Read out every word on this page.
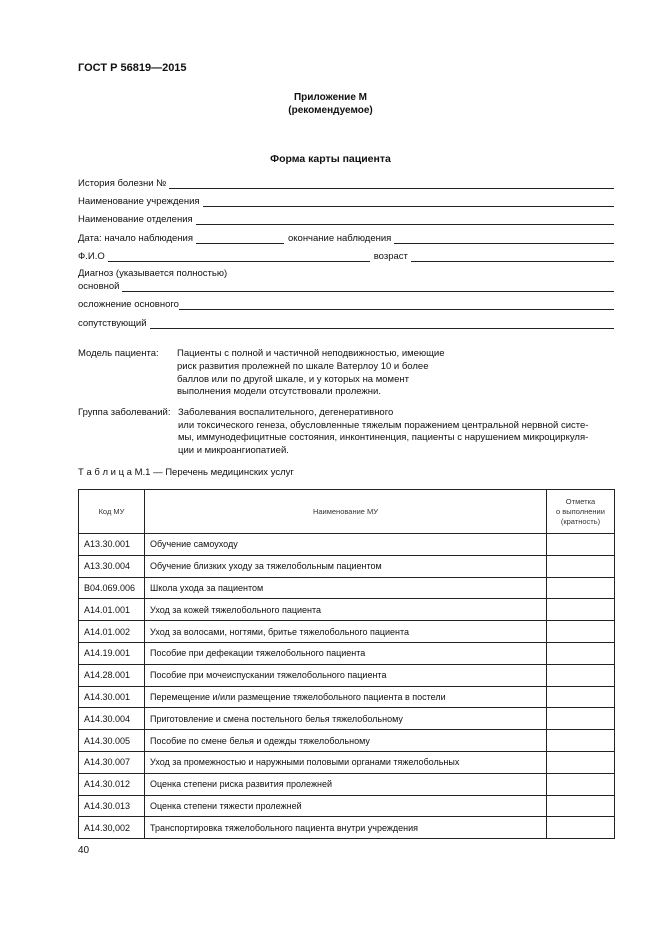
ГОСТ Р 56819—2015
Приложение М
(рекомендуемое)
Форма карты пациента
История болезни №
Наименование учреждения
Наименование отделения
Дата: начало наблюдения	окончание наблюдения
Ф.И.О	возраст
Диагноз (указывается полностью)
основной
осложнение основного
сопутствующий
Модель пациента: Пациенты с полной и частичной неподвижностью, имеющие
риск развития пролежней по шкале Ватерлоу 10 и более
баллов или по другой шкале, и у которых на момент
выполнения модели отсутствовали пролежни.
Группа заболеваний: Заболевания воспалительного, дегенеративного
или токсического генеза, обусловленные тяжелым поражением центральной нервной систе-
мы, иммунодефицитные состояния, инконтиненция, пациенты с нарушением микроциркуля-
ции и микроангиопатией.
Т а б л и ц а М.1 — Перечень медицинских услуг
Код МУ	Наименование МУ	Отметка
о выполнении
(кратность)

А13.30.001	Обучение самоуходу	
А13.30.004	Обучение близких уходу за тяжелобольным пациентом	
В04.069.006	Школа ухода за пациентом	
А14.01.001	Уход за кожей тяжелобольного пациента	
А14.01.002	Уход за волосами, ногтями, бритье тяжелобольного пациента	
А14.19.001	Пособие при дефекации тяжелобольного пациента	
А14.28.001	Пособие при мочеиспускании тяжелобольного пациента	
А14.30.001	Перемещение и/или размещение тяжелобольного пациента в постели	
А14.30.004	Приготовление и смена постельного белья тяжелобольному	
А14.30.005	Пособие по смене белья и одежды тяжелобольному	
А14.30.007	Уход за промежностью и наружными половыми органами тяжелобольных	
А14.30.012	Оценка степени риска развития пролежней	
А14.30.013	Оценка степени тяжести пролежней	
А14.30,002	Транспортировка тяжелобольного пациента внутри учреждения	
40
